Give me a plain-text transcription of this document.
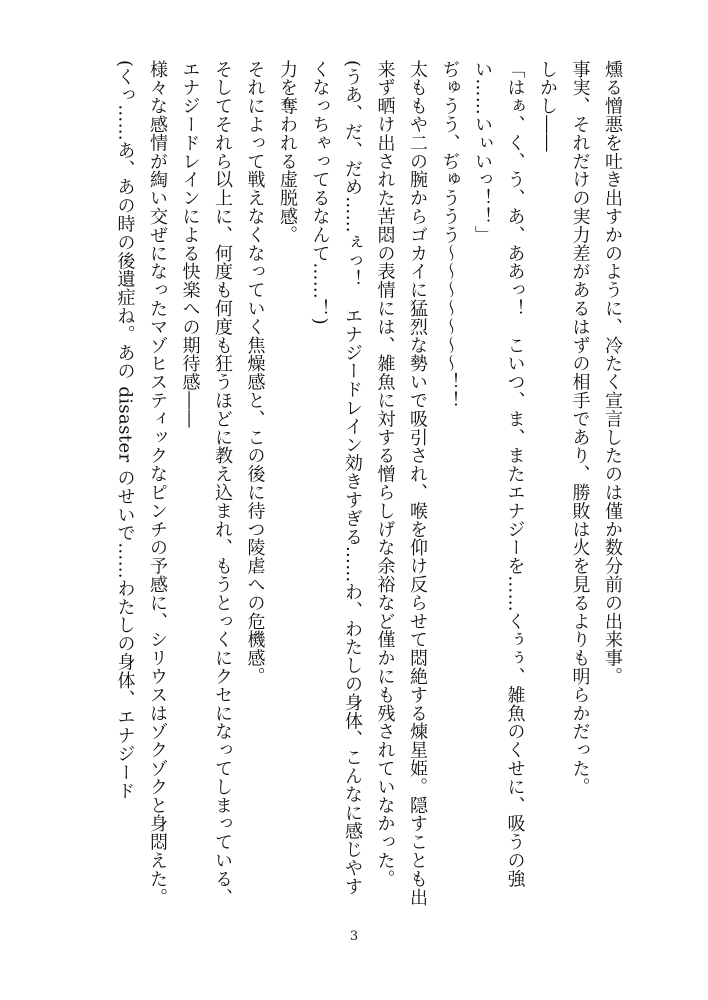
燻る憎悪を吐き出すかのように、冷たく宣言したのは僅か数分前の出来事。

事実、それだけの実力差があるはずの相手であり、勝敗は火を見るよりも明らかだった。

しかし――

「はぁ、く、う、あ、ああっ！　こいつ、ま、またエナジーを……くぅぅ、雑魚のくせに、吸うの強い……いぃいっ！！」

ぢゅうう、ぢゅううう～～～～～～～！！

太ももや二の腕からゴカイに猛烈な勢いで吸引され、喉を仰け反らせて悶絶する煉星姫。隠すことも出来ず晒け出された苦悶の表情には、雑魚に対する憎らしげな余裕など僅かにも残されていなかった。

(うあ、だ、だめ……ぇっ！　エナジードレイン効きすぎる……わ、わたしの身体、こんなに感じやすくなっちゃってるなんて……！)

力を奪われる虚脱感。

それによって戦えなくなっていく焦燥感と、この後に待つ陵虐への危機感。

そしてそれら以上に、何度も何度も狂うほどに教え込まれ、もうとっくにクセになってしまっている、エナジードレインによる快楽への期待感――

様々な感情が綯い交ぜになったマゾヒスティックなピンチの予感に、シリウスはゾクゾクと身悶えた。

(くっ……あ、あの時の後遺症ね。あの disaster のせいで……わたしの身体、エナジード

3
